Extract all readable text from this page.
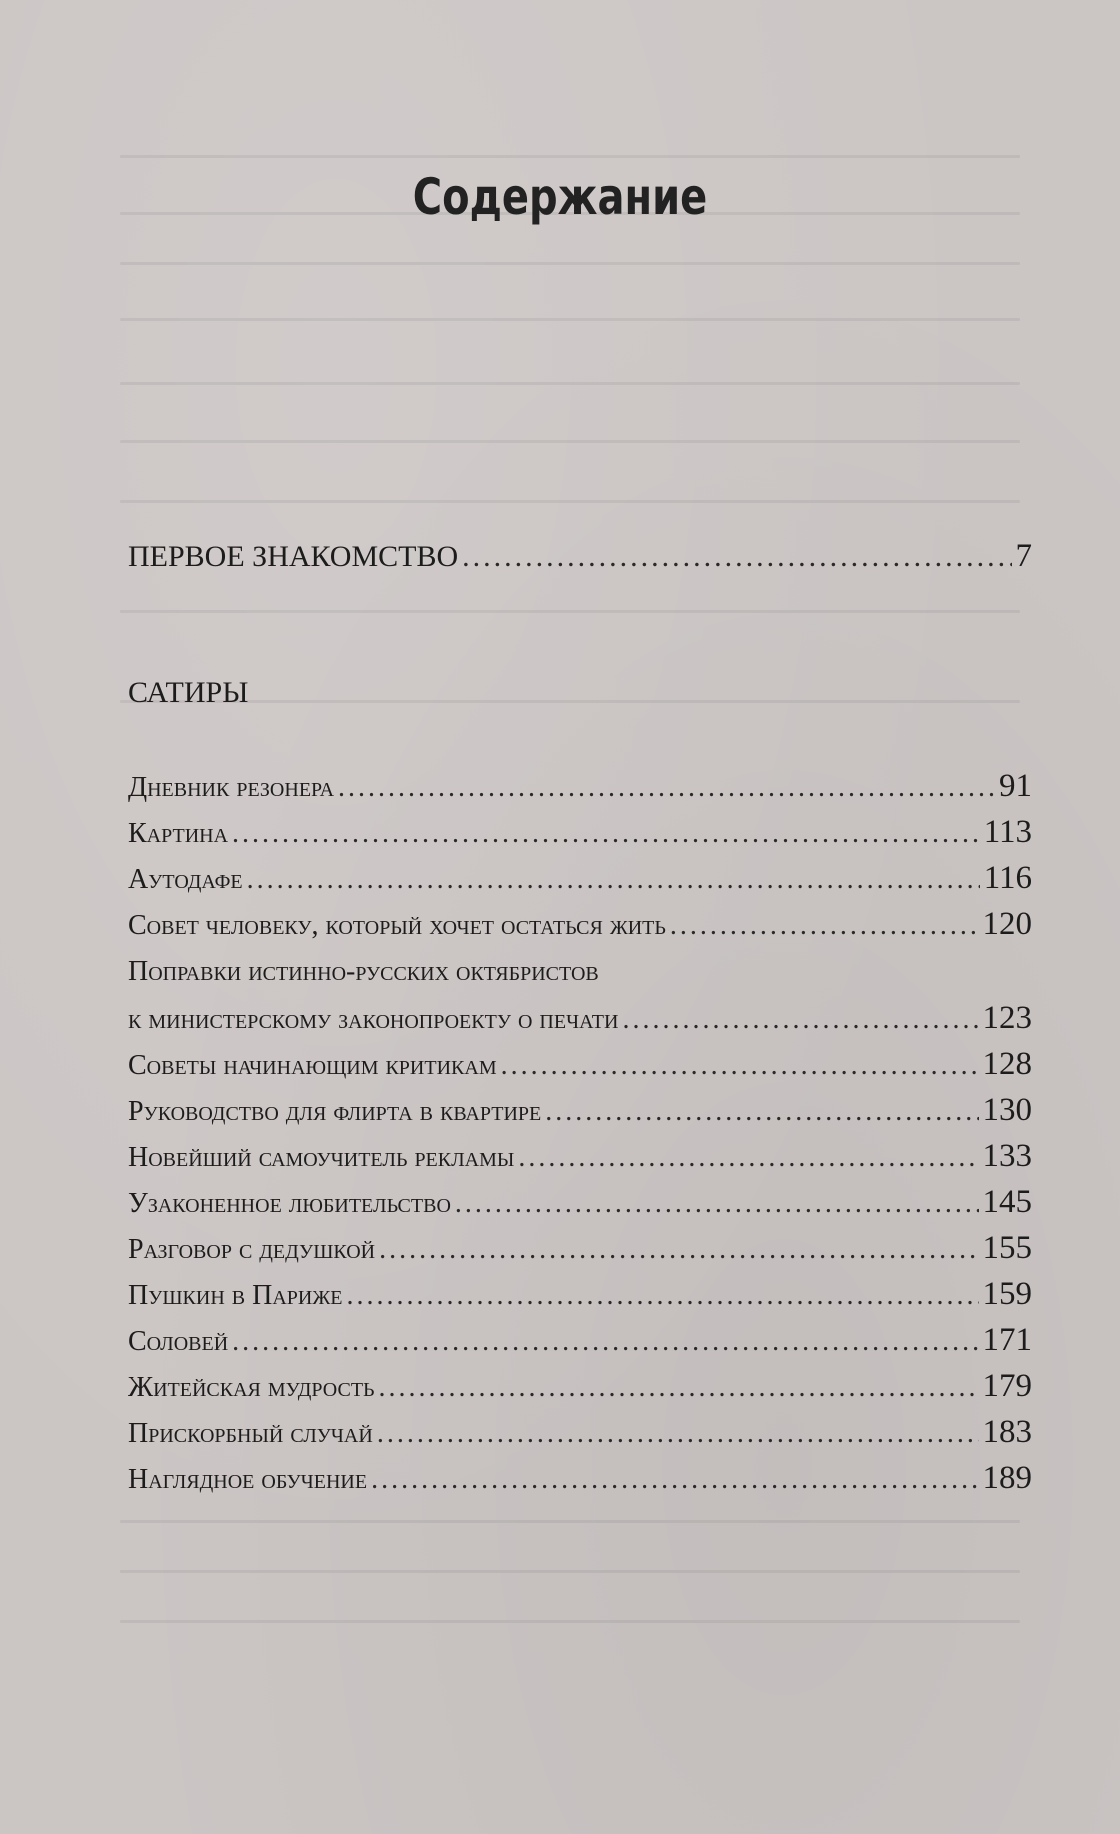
Содержание
ПЕРВОЕ ЗНАКОМСТВО .....	7
САТИРЫ
Дневник резонера .....	91
Картина .....	113
Аутодафе .....	116
Совет человеку, который хочет остаться жить .....	120
Поправки истинно-русских октябристов
к министерскому законопроекту о печати .....	123
Советы начинающим критикам .....	128
Руководство для флирта в квартире .....	130
Новейший самоучитель рекламы .....	133
Узаконенное любительство .....	145
Разговор с дедушкой .....	155
Пушкин в Париже .....	159
Соловей .....	171
Житейская мудрость .....	179
Прискорбный случай .....	183
Наглядное обучение .....	189
